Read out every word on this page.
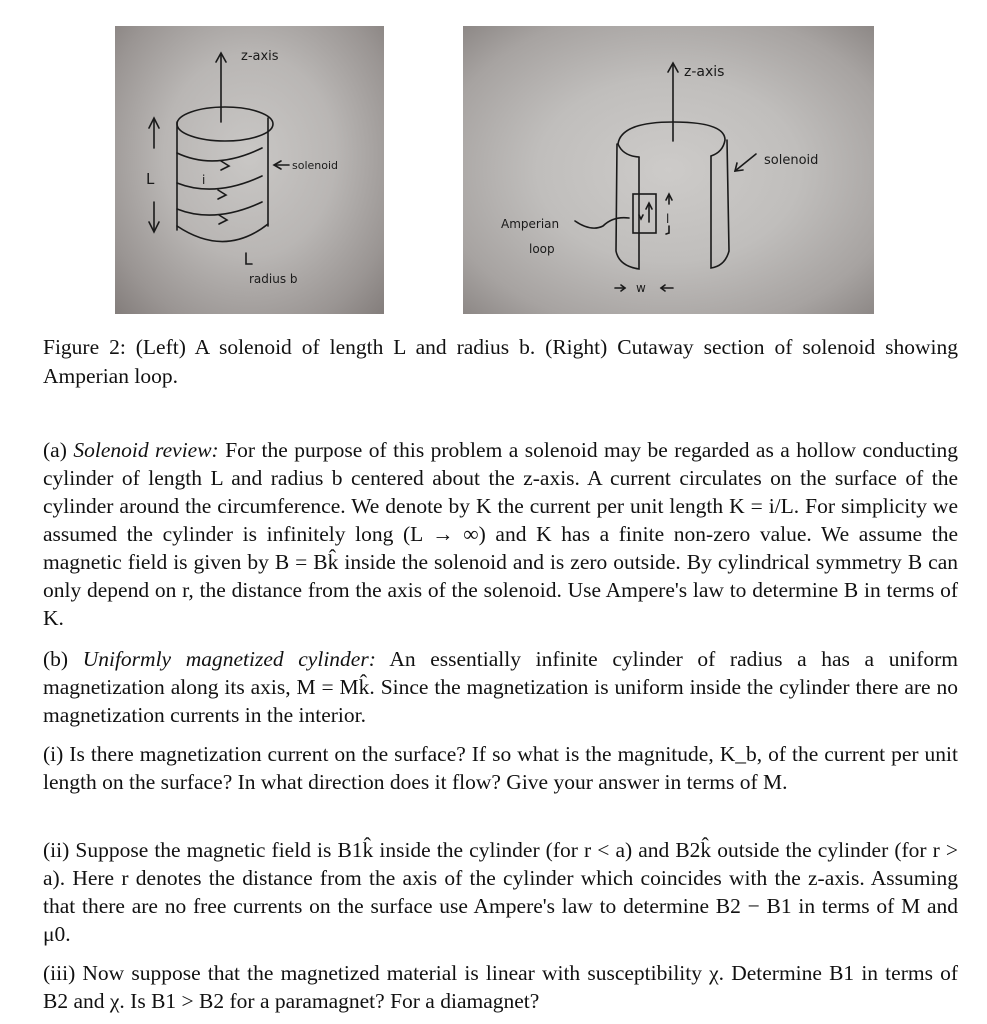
z-axis
solenoid
L	i
radius b
z-axis
solenoid
Amperian
loop
l
w
Figure 2: (Left) A solenoid of length L and radius b. (Right) Cutaway section of solenoid showing Amperian loop.

(a) Solenoid review: For the purpose of this problem a solenoid may be regarded as a hollow conducting cylinder of length L and radius b centered about the z-axis. A current circulates on the surface of the cylinder around the circumference. We denote by K the current per unit length K = i/L. For simplicity we assumed the cylinder is infinitely long (L → ∞) and K has a finite non-zero value. We assume the magnetic field is given by B = Bk̂ inside the solenoid and is zero outside. By cylindrical symmetry B can only depend on r, the distance from the axis of the solenoid. Use Ampere's law to determine B in terms of K.

(b) Uniformly magnetized cylinder: An essentially infinite cylinder of radius a has a uniform magnetization along its axis, M = Mk̂. Since the magnetization is uniform inside the cylinder there are no magnetization currents in the interior.

(i) Is there magnetization current on the surface? If so what is the magnitude, K_b, of the current per unit length on the surface? In what direction does it flow? Give your answer in terms of M.

(ii) Suppose the magnetic field is B1k̂ inside the cylinder (for r < a) and B2k̂ outside the cylinder (for r > a). Here r denotes the distance from the axis of the cylinder which coincides with the z-axis. Assuming that there are no free currents on the surface use Ampere's law to determine B2 − B1 in terms of M and μ0.

(iii) Now suppose that the magnetized material is linear with susceptibility χ. Determine B1 in terms of B2 and χ. Is B1 > B2 for a paramagnet? For a diamagnet?
